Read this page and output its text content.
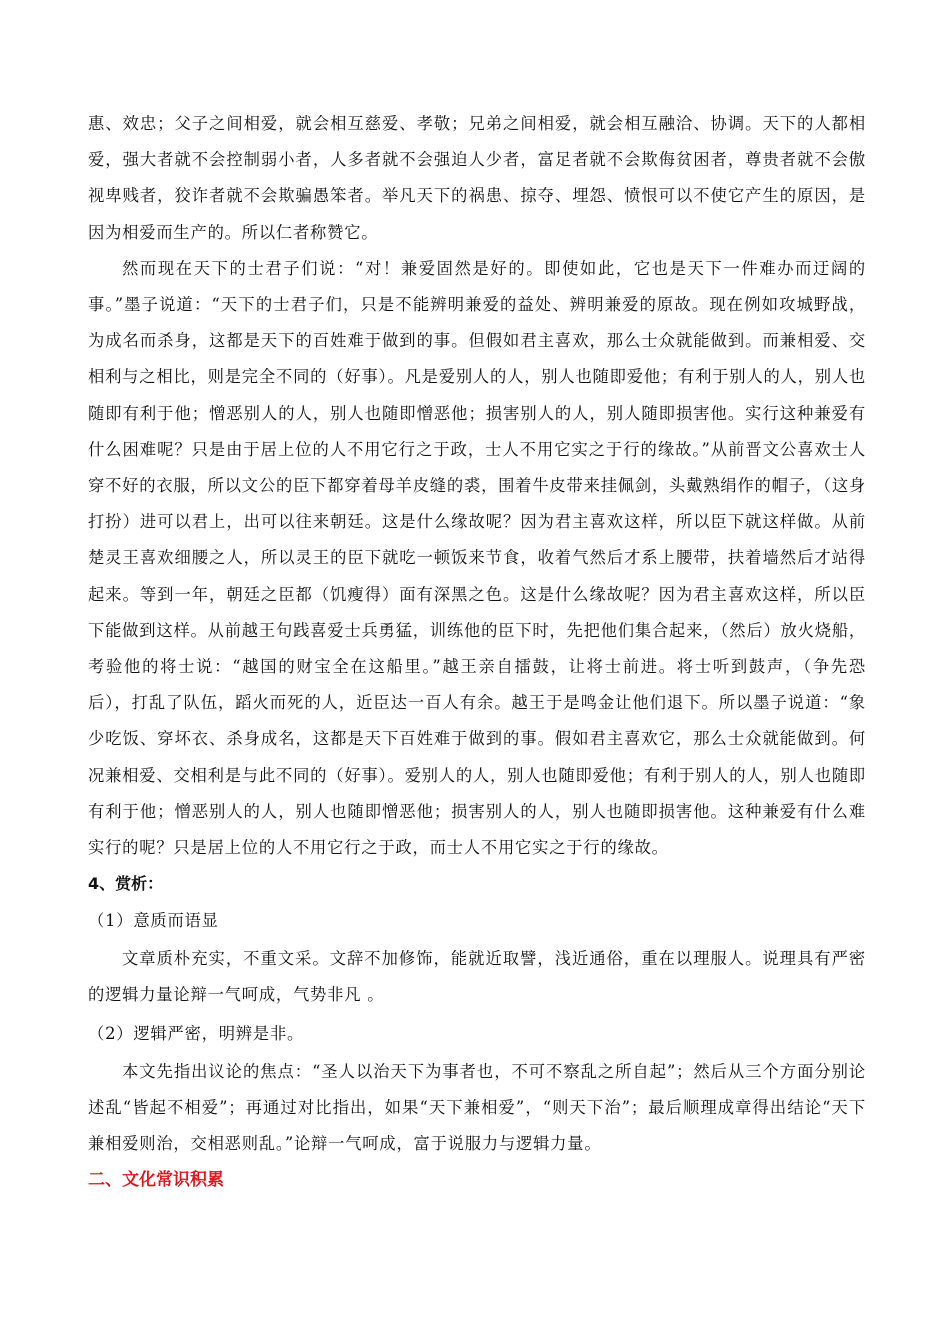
惠、效忠；父子之间相爱，就会相互慈爱、孝敬；兄弟之间相爱，就会相互融洽、协调。天下的人都相爱，强大者就不会控制弱小者，人多者就不会强迫人少者，富足者就不会欺侮贫困者，尊贵者就不会傲视卑贱者，狡诈者就不会欺骗愚笨者。举凡天下的祸患、掠夺、埋怨、愤恨可以不使它产生的原因，是因为相爱而生产的。所以仁者称赞它。

然而现在天下的士君子们说：“对！兼爱固然是好的。即使如此，它也是天下一件难办而迂阔的事。”墨子说道：“天下的士君子们，只是不能辨明兼爱的益处、辨明兼爱的原故。现在例如攻城野战，为成名而杀身，这都是天下的百姓难于做到的事。但假如君主喜欢，那么士众就能做到。而兼相爱、交相利与之相比，则是完全不同的（好事）。凡是爱别人的人，别人也随即爱他；有利于别人的人，别人也随即有利于他；憎恶别人的人，别人也随即憎恶他；损害别人的人，别人随即损害他。实行这种兼爱有什么困难呢？只是由于居上位的人不用它行之于政，士人不用它实之于行的缘故。”从前晋文公喜欢士人穿不好的衣服，所以文公的臣下都穿着母羊皮缝的裘，围着牛皮带来挂佩剑，头戴熟绢作的帽子，（这身打扮）进可以君上，出可以往来朝廷。这是什么缘故呢？因为君主喜欢这样，所以臣下就这样做。从前楚灵王喜欢细腰之人，所以灵王的臣下就吃一顿饭来节食，收着气然后才系上腰带，扶着墙然后才站得起来。等到一年，朝廷之臣都（饥瘦得）面有深黑之色。这是什么缘故呢？因为君主喜欢这样，所以臣下能做到这样。从前越王句践喜爱士兵勇猛，训练他的臣下时，先把他们集合起来，（然后）放火烧船，考验他的将士说：“越国的财宝全在这船里。”越王亲自擂鼓，让将士前进。将士听到鼓声，（争先恐后），打乱了队伍，蹈火而死的人，近臣达一百人有余。越王于是鸣金让他们退下。所以墨子说道：“象少吃饭、穿坏衣、杀身成名，这都是天下百姓难于做到的事。假如君主喜欢它，那么士众就能做到。何况兼相爱、交相利是与此不同的（好事）。爱别人的人，别人也随即爱他；有利于别人的人，别人也随即有利于他；憎恶别人的人，别人也随即憎恶他；损害别人的人，别人也随即损害他。这种兼爱有什么难实行的呢？只是居上位的人不用它行之于政，而士人不用它实之于行的缘故。

4、赏析：

（1）意质而语显

文章质朴充实，不重文采。文辞不加修饰，能就近取譬，浅近通俗，重在以理服人。说理具有严密的逻辑力量论辩一气呵成，气势非凡 。

（2）逻辑严密，明辨是非。

本文先指出议论的焦点：“圣人以治天下为事者也，不可不察乱之所自起”；然后从三个方面分别论述乱“皆起不相爱”；再通过对比指出，如果“天下兼相爱”，“则天下治”；最后顺理成章得出结论“天下兼相爱则治，交相恶则乱。”论辩一气呵成，富于说服力与逻辑力量。

二、文化常识积累
